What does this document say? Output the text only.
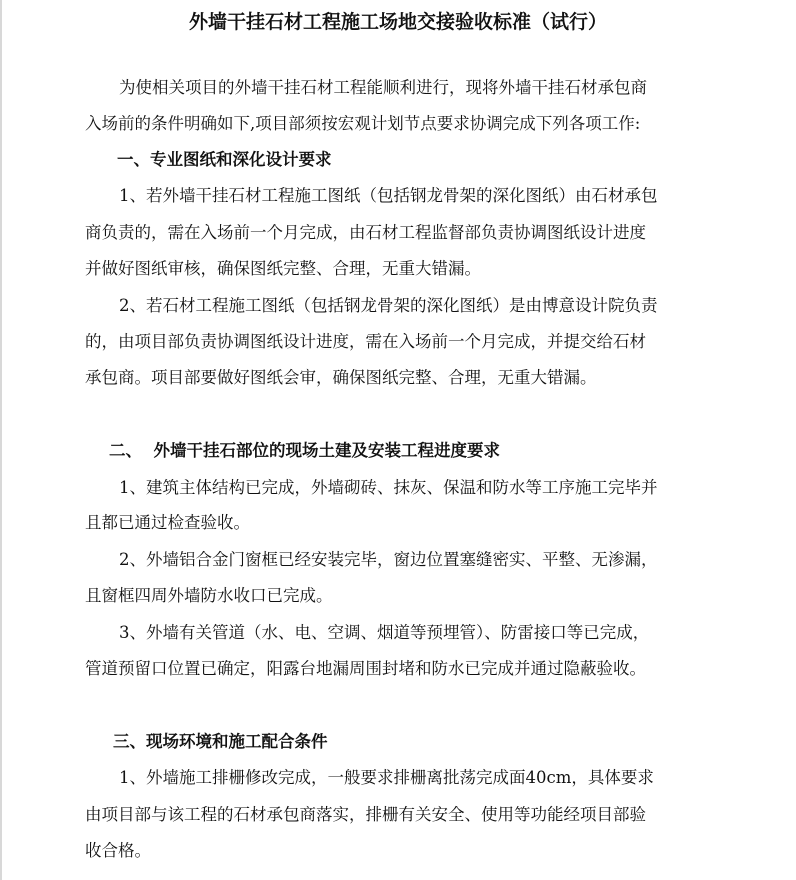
外墙干挂石材工程施工场地交接验收标准（试行）
为使相关项目的外墙干挂石材工程能顺利进行，现将外墙干挂石材承包商
入场前的条件明确如下,项目部须按宏观计划节点要求协调完成下列各项工作:
一、专业图纸和深化设计要求
1、若外墙干挂石材工程施工图纸（包括钢龙骨架的深化图纸）由石材承包
商负责的，需在入场前一个月完成，由石材工程监督部负责协调图纸设计进度
并做好图纸审核，确保图纸完整、合理，无重大错漏。
2、若石材工程施工图纸（包括钢龙骨架的深化图纸）是由博意设计院负责
的，由项目部负责协调图纸设计进度，需在入场前一个月完成，并提交给石材
承包商。项目部要做好图纸会审，确保图纸完整、合理，无重大错漏。
二、  外墙干挂石部位的现场土建及安装工程进度要求
1、建筑主体结构已完成，外墙砌砖、抹灰、保温和防水等工序施工完毕并
且都已通过检查验收。
2、外墙铝合金门窗框已经安装完毕，窗边位置塞缝密实、平整、无渗漏，
且窗框四周外墙防水收口已完成。
3、外墙有关管道（水、电、空调、烟道等预埋管）、防雷接口等已完成，
管道预留口位置已确定，阳露台地漏周围封堵和防水已完成并通过隐蔽验收。
三、现场环境和施工配合条件
1、外墙施工排栅修改完成，一般要求排栅离批荡完成面40cm，具体要求
由项目部与该工程的石材承包商落实，排栅有关安全、使用等功能经项目部验
收合格。
